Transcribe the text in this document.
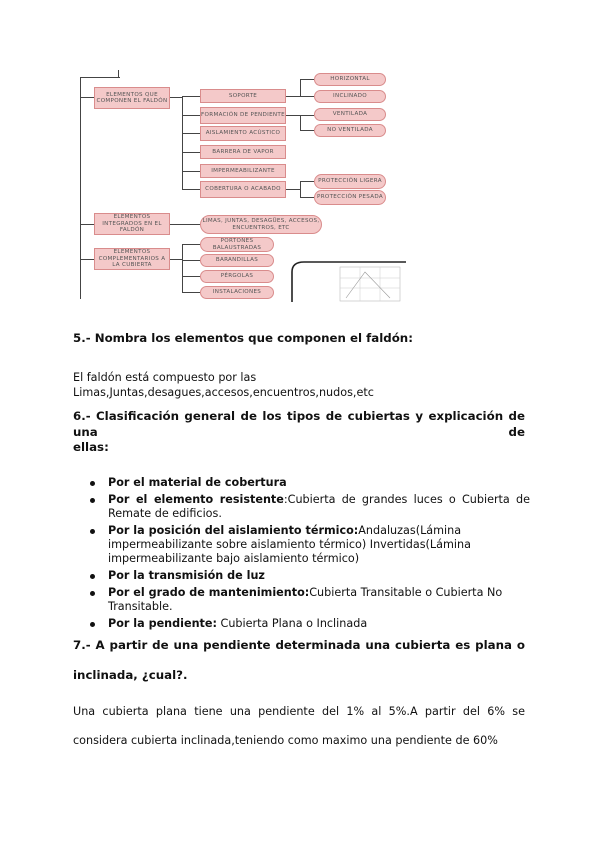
ELEMENTOS QUE COMPONEN EL FALDÓN
ELEMENTOS INTEGRADOS EN EL FALDÓN
ELEMENTOS COMPLEMENTARIOS A LA CUBIERTA
SOPORTE
FORMACIÓN DE PENDIENTE
AISLAMIENTO ACÚSTICO
BARRERA DE VAPOR
IMPERMEABILIZANTE
COBERTURA O ACABADO
HORIZONTAL
INCLINADO
VENTILADA
NO VENTILADA
PROTECCIÓN LIGERA
PROTECCIÓN PESADA
LIMAS, JUNTAS, DESAGÜES, ACCESOS, ENCUENTROS, ETC
PORTONES BALAUSTRADAS
BARANDILLAS
PÉRGOLAS
INSTALACIONES
5.- Nombra los elementos que componen el faldón:
El faldón está compuesto por las
Limas,Juntas,desagues,accesos,encuentros,nudos,etc
6.- Clasificación general de los tipos de cubiertas y explicación de una de
ellas:
Por el material de cobertura
Por el elemento resistente:Cubierta de grandes luces o Cubierta de Remate de edificios.
Por la posición del aislamiento térmico:Andaluzas(Lámina impermeabilizante sobre aislamiento térmico) Invertidas(Lámina impermeabilizante bajo aislamiento térmico)
Por la transmisión de luz
Por el grado de mantenimiento:Cubierta Transitable o Cubierta No Transitable.
Por la pendiente: Cubierta Plana o Inclinada
7.- A partir de una pendiente determinada una cubierta es plana o
inclinada, ¿cual?.
Una cubierta plana tiene una pendiente del 1% al 5%.A partir del 6% se
considera cubierta inclinada,teniendo como maximo una pendiente de 60%
